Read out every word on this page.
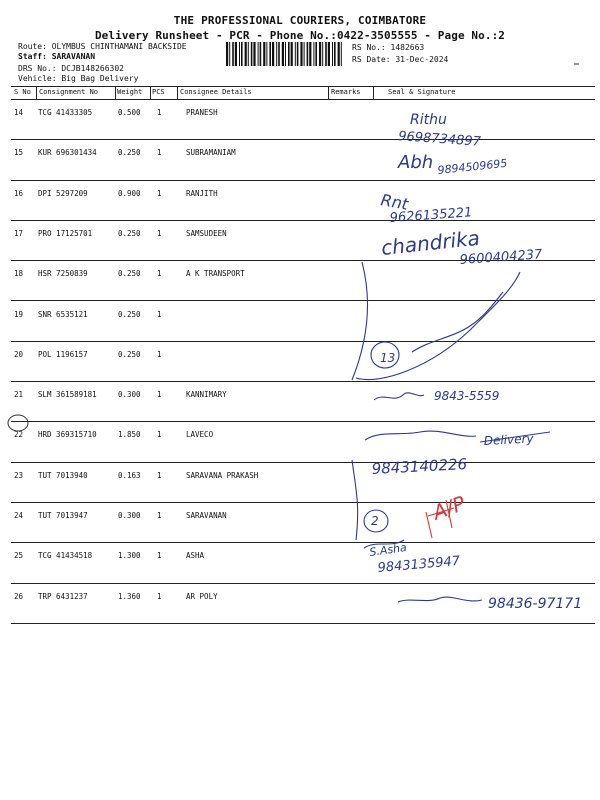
THE PROFESSIONAL COURIERS, COIMBATORE
Delivery Runsheet - PCR - Phone No.:0422-3505555 - Page No.:2
Route: OLYMBUS CHINTHAMANI BACKSIDE
Staff: SARAVANAN
DRS No.: DCJB148266302
Vehicle: Big Bag Delivery
RS No.: 1482663
RS Date: 31-Dec-2024
S No Consignment No	Weight PCS Consignee Details	Remarks	Seal & Signature
14 TCG 41433305	0.500 1	PRANESH
15 KUR 696301434	0.250 1	SUBRAMANIAM
16 DPI 5297209	0.900 1	RANJITH
17 PRO 17125701	0.250 1	SAMSUDEEN
18 HSR 7250839	0.250 1	A K TRANSPORT
19 SNR 6535121	0.250 1
20 POL 1196157	0.250 1
21 SLM 361589181	0.300 1	KANNIMARY
22 HRD 369315710	1.850 1	LAVECO
23 TUT 7013940	0.163 1	SARAVANA PRAKASH
24 TUT 7013947	0.300 1	SARAVANAN
25 TCG 41434518	1.300 1	ASHA
26 TRP 6431237	1.360 1	AR POLY
Rithu
9698734897
Abh 9894509695
Rnt
9626135221
chandrika
9600404237
13
9843-5559
Delivery
9843140226
2	A/P
S.Asha
9843135947
98436-97171
